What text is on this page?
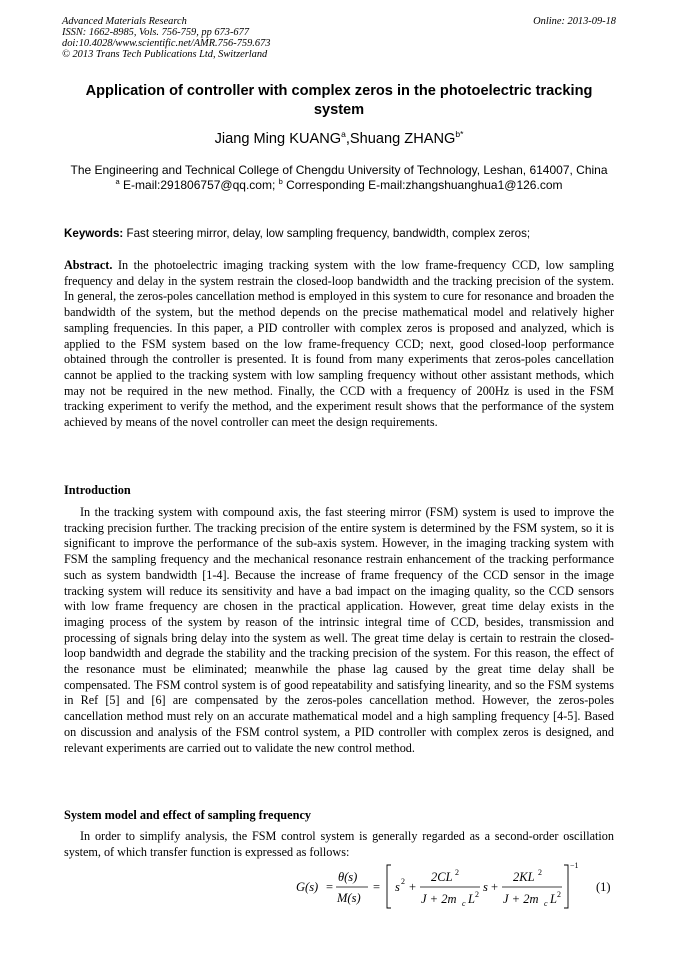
Advanced Materials Research	Online: 2013-09-18
ISSN: 1662-8985, Vols. 756-759, pp 673-677
doi:10.4028/www.scientific.net/AMR.756-759.673
© 2013 Trans Tech Publications Ltd, Switzerland
Application of controller with complex zeros in the photoelectric tracking system
Jiang Ming KUANG$^a$,Shuang $ZHANG^{b*}$
The Engineering and Technical College of Chengdu University of Technology, Leshan, 614007, China
$^a$ E-mail:291806757@qq.com; $^b$ Corresponding E-mail:zhangshuanghua1@126.com
Keywords: Fast steering mirror, delay, low sampling frequency, bandwidth, complex zeros;
Abstract. In the photoelectric imaging tracking system with the low frame-frequency CCD, low sampling frequency and delay in the system restrain the closed-loop bandwidth and the tracking precision of the system. In general, the zeros-poles cancellation method is employed in this system to cure for resonance and broaden the bandwidth of the system, but the method depends on the precise mathematical model and relatively higher sampling frequencies. In this paper, a PID controller with complex zeros is proposed and analyzed, which is applied to the FSM system based on the low frame-frequency CCD; next, good closed-loop performance obtained through the controller is presented. It is found from many experiments that zeros-poles cancellation cannot be applied to the tracking system with low sampling frequency without other assistant methods, which may not be required in the new method. Finally, the CCD with a frequency of 200Hz is used in the FSM tracking experiment to verify the method, and the experiment result shows that the performance of the system achieved by means of the novel controller can meet the design requirements.
Introduction
In the tracking system with compound axis, the fast steering mirror (FSM) system is used to improve the tracking precision further. The tracking precision of the entire system is determined by the FSM system, so it is significant to improve the performance of the sub-axis system. However, in the imaging tracking system with FSM the sampling frequency and the mechanical resonance restrain enhancement of the tracking performance such as system bandwidth [1-4]. Because the increase of frame frequency of the CCD sensor in the image tracking system will reduce its sensitivity and have a bad impact on the imaging quality, so the CCD sensors with low frame frequency are chosen in the practical application. However, great time delay exists in the imaging process of the system by reason of the intrinsic integral time of CCD, besides, transmission and processing of signals bring delay into the system as well. The great time delay is certain to restrain the closed-loop bandwidth and degrade the stability and the tracking precision of the system. For this reason, the effect of the resonance must be eliminated; meanwhile the phase lag caused by the great time delay shall be compensated. The FSM control system is of good repeatability and satisfying linearity, and so the FSM systems in Ref [5] and [6] are compensated by the zeros-poles cancellation method. However, the zeros-poles cancellation method must rely on an accurate mathematical model and a high sampling frequency [4-5]. Based on discussion and analysis of the FSM control system, a PID controller with complex zeros is designed, and relevant experiments are carried out to validate the new control method.
System model and effect of sampling frequency
In order to simplify analysis, the FSM control system is generally regarded as a second-order oscillation system, of which transfer function is expressed as follows:
G(s) =
θ(s)
M(s)
= s 2 +
2CL 2
J + 2m c L 2
s +
2KL 2
J + 2m c L 2
−1
(1)
